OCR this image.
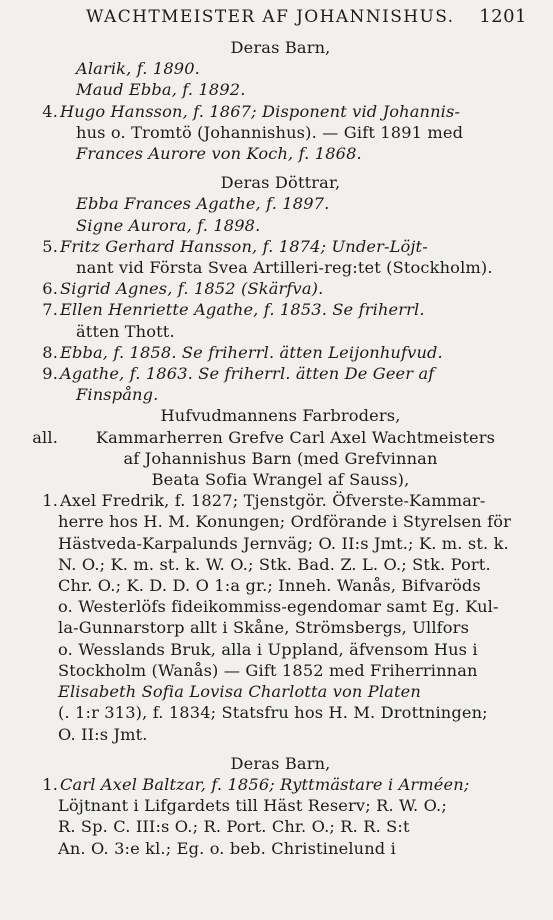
WACHTMEISTER AF JOHANNISHUS. 1201
Deras Barn,
Alarik, f. 1890.
Maud Ebba, f. 1892.
4. Hugo Hansson, f. 1867; Disponent vid Johannis-
hus o. Tromtö (Johannishus). — Gift 1891 med
Frances Aurore von Koch, f. 1868.
Deras Döttrar,
Ebba Frances Agathe, f. 1897.
Signe Aurora, f. 1898.
5. Fritz Gerhard Hansson, f. 1874; Under-Löjt-
nant vid Första Svea Artilleri-reg:tet (Stockholm).
6. Sigrid Agnes, f. 1852 (Skärfva).
7. Ellen Henriette Agathe, f. 1853. Se friherrl.
ätten Thott.
8. Ebba, f. 1858. Se friherrl. ätten Leijonhufvud.
9. Agathe, f. 1863. Se friherrl. ätten De Geer af
Finspång.
Hufvudmannens Farbroders,
all.	Kammarherren Grefve Carl Axel Wachtmeisters
af Johannishus Barn (med Grefvinnan
Beata Sofia Wrangel af Sauss),
1. Axel Fredrik, f. 1827; Tjenstgör. Öfverste-Kammar-
herre hos H. M. Konungen; Ordförande i Styrelsen för
Hästveda-Karpalunds Jernväg; O. II:s Jmt.; K. m. st. k.
N. O.; K. m. st. k. W. O.; Stk. Bad. Z. L. O.; Stk. Port.
Chr. O.; K. D. D. O 1:a gr.; Inneh. Wanås, Bifvaröds
o. Westerlöfs fideikommiss-egendomar samt Eg. Kul-
la-Gunnarstorp allt i Skåne, Strömsbergs, Ullfors
o. Wesslands Bruk, alla i Uppland, äfvensom Hus i
Stockholm (Wanås) — Gift 1852 med Friherrinnan
Elisabeth Sofia Lovisa Charlotta von Platen
(. 1:r 313), f. 1834; Statsfru hos H. M. Drottningen;
O. II:s Jmt.
Deras Barn,
1. Carl Axel Baltzar, f. 1856; Ryttmästare i Arméen;
Löjtnant i Lifgardets till Häst Reserv; R. W. O.;
R. Sp. C. III:s O.; R. Port. Chr. O.; R. R. S:t
An. O. 3:e kl.; Eg. o. beb. Christinelund i
